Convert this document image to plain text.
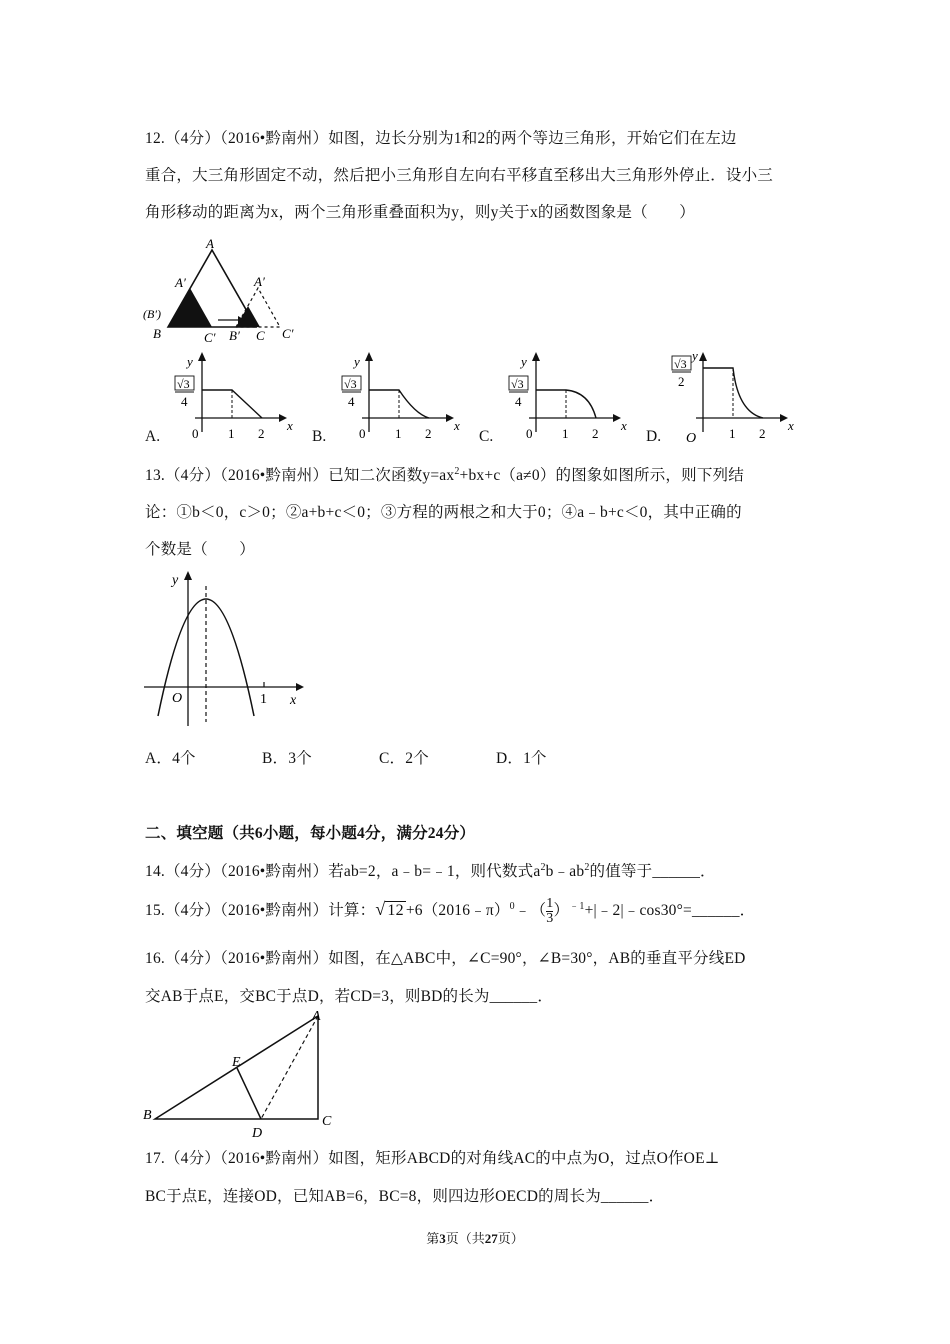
12.（4分）（2016•黔南州）如图，边长分别为1和2的两个等边三角形，开始它们在左边
重合，大三角形固定不动，然后把小三角形自左向右平移直至移出大三角形外停止．设小三
角形移动的距离为x，两个三角形重叠面积为y，则y关于x的函数图象是（　　）
A
A′	A′
(B′)
B	C′ B′ C C′
A.
√3
4
0 1 2
y
x
B.
√3
4
0 1 2
y
x
C.
√3
4
0 1 2
y
x
D.
√3
2
O	1 2
y
x
13.（4分）（2016•黔南州）已知二次函数$y=ax^2+bx+c(a\ne 0)$的图象如图所示，则下列结
论：①b＜0，c＞0；②a+b+c＜0；③方程的两根之和大于0；④a﹣b+c＜0，其中正确的
个数是（　　）
y
x
O	1
A．4个	B．3个	C．2个	D．1个
二、填空题（共6小题，每小题4分，满分24分）
14.（4分）（2016•黔南州）若ab=2，a﹣b=﹣1，则代数式$a^2b﹣ab^2$的值等于______．
15.（4分）（2016•黔南州）计算：√ 12 +6（2016﹣π）$^0$﹣（ $\frac{1}{3}$ ）$^{﹣1}$+|﹣2|﹣cos30°=______．
16.（4分）（2016•黔南州）如图，在△ABC中，∠C=90°，∠B=30°，AB的垂直平分线ED
交AB于点E，交BC于点D，若CD=3，则BD的长为______．
A
B	C
D
E
17.（4分）（2016•黔南州）如图，矩形ABCD的对角线AC的中点为O，过点O作OE⊥
BC于点E，连接OD，已知AB=6，BC=8，则四边形OECD的周长为______．
第3页（共27页）
